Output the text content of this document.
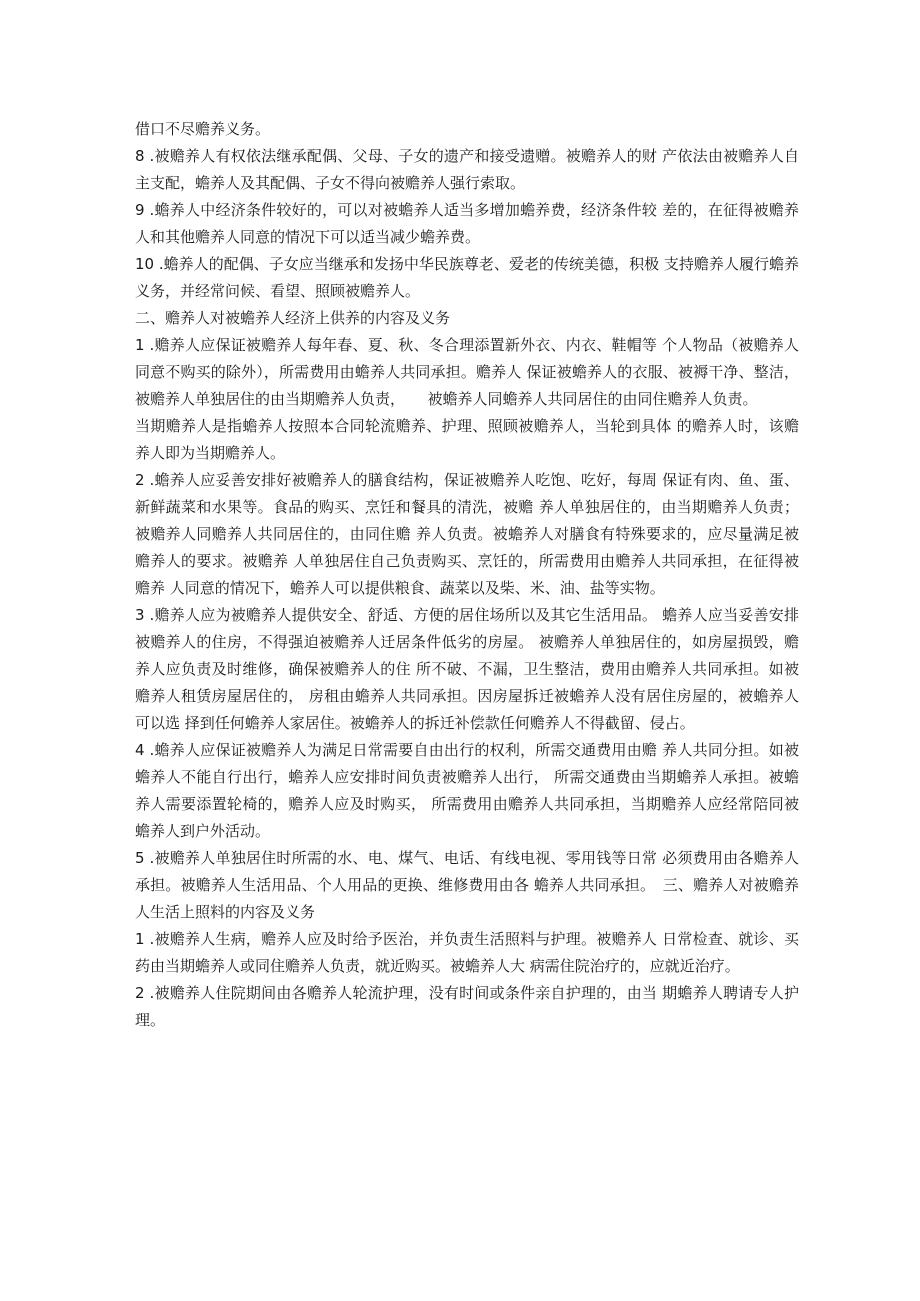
借口不尽赡养义务。

8 .被赡养人有权依法继承配偶、父母、子女的遗产和接受遗赠。被赡养人的财 产依法由被赡养人自主支配，蟾养人及其配偶、子女不得向被赡养人强行索取。

9 .蟾养人中经济条件较好的，可以对被蟾养人适当多增加蟾养费，经济条件较 差的，在征得被赡养人和其他赡养人同意的情况下可以适当减少蟾养费。

10 .蟾养人的配偶、子女应当继承和发扬中华民族尊老、爱老的传统美德，积极 支持赡养人履行蟾养义务，并经常问候、看望、照顾被赡养人。

二、赡养人对被蟾养人经济上供养的内容及义务

1 .赡养人应保证被赡养人每年春、夏、秋、冬合理添置新外衣、内衣、鞋帽等 个人物品（被赡养人同意不购买的除外），所需费用由蟾养人共同承担。赡养人 保证被蟾养人的衣服、被褥干净、整洁，被赡养人单独居住的由当期赡养人负责，　　被蟾养人同蟾养人共同居住的由同住赡养人负责。

当期赡养人是指蟾养人按照本合同轮流赡养、护理、照顾被赡养人，当轮到具体 的赡养人时，该赡养人即为当期赡养人。

2 .蟾养人应妥善安排好被赡养人的膳食结构，保证被赡养人吃饱、吃好，每周 保证有肉、鱼、蛋、新鲜蔬菜和水果等。食品的购买、烹饪和餐具的清洗，被赡 养人单独居住的，由当期赡养人负责；被赡养人同赡养人共同居住的，由同住赡 养人负责。被蟾养人对膳食有特殊要求的，应尽量满足被赡养人的要求。被赡养 人单独居住自己负责购买、烹饪的，所需费用由赡养人共同承担，在征得被赡养 人同意的情况下，蟾养人可以提供粮食、蔬菜以及柴、米、油、盐等实物。

3 .赡养人应为被赡养人提供安全、舒适、方便的居住场所以及其它生活用品。 蟾养人应当妥善安排被赡养人的住房，不得强迫被赡养人迁居条件低劣的房屋。 被赡养人单独居住的，如房屋损毁，赡养人应负责及时维修，确保被赡养人的住 所不破、不漏，卫生整洁，费用由赡养人共同承担。如被赡养人租赁房屋居住的， 房租由蟾养人共同承担。因房屋拆迁被蟾养人没有居住房屋的，被蟾养人可以选 择到任何蟾养人家居住。被蟾养人的拆迁补偿款任何赡养人不得截留、侵占。

4 .蟾养人应保证被赡养人为满足日常需要自由出行的权利，所需交通费用由赡 养人共同分担。如被蟾养人不能自行出行，蟾养人应安排时间负责被赡养人出行， 所需交通费由当期蟾养人承担。被蟾养人需要添置轮椅的，赡养人应及时购买， 所需费用由赡养人共同承担，当期赡养人应经常陪同被蟾养人到户外活动。

5 .被赡养人单独居住时所需的水、电、煤气、电话、有线电视、零用钱等日常 必须费用由各赡养人承担。被赡养人生活用品、个人用品的更换、维修费用由各 蟾养人共同承担。　三、赡养人对被赡养人生活上照料的内容及义务

1 .被赡养人生病，赡养人应及时给予医治，并负责生活照料与护理。被赡养人 日常检查、就诊、买药由当期蟾养人或同住赡养人负责，就近购买。被蟾养人大 病需住院治疗的，应就近治疗。

2 .被赡养人住院期间由各赡养人轮流护理，没有时间或条件亲自护理的，由当 期蟾养人聘请专人护理。
